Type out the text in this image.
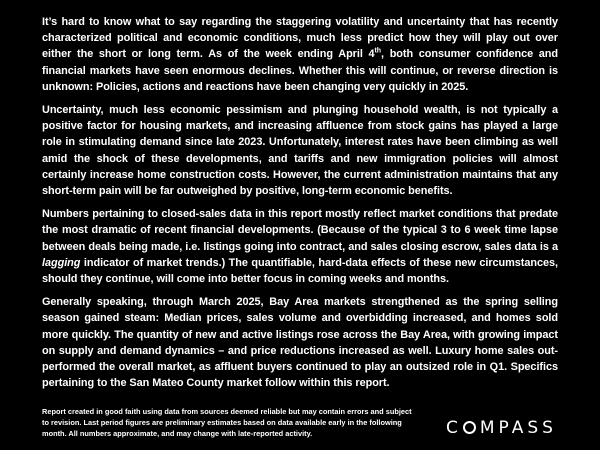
It’s hard to know what to say regarding the staggering volatility and uncertainty that has recently characterized political and economic conditions, much less predict how they will play out over either the short or long term. As of the week ending April 4th, both consumer confidence and financial markets have seen enormous declines. Whether this will continue, or reverse direction is unknown: Policies, actions and reactions have been changing very quickly in 2025.

Uncertainty, much less economic pessimism and plunging household wealth, is not typically a positive factor for housing markets, and increasing affluence from stock gains has played a large role in stimulating demand since late 2023. Unfortunately, interest rates have been climbing as well amid the shock of these developments, and tariffs and new immigration policies will almost certainly increase home construction costs. However, the current administration maintains that any short-term pain will be far outweighed by positive, long-term economic benefits.

Numbers pertaining to closed-sales data in this report mostly reflect market conditions that predate the most dramatic of recent financial developments. (Because of the typical 3 to 6 week time lapse between deals being made, i.e. listings going into contract, and sales closing escrow, sales data is a lagging indicator of market trends.) The quantifiable, hard-data effects of these new circumstances, should they continue, will come into better focus in coming weeks and months.

Generally speaking, through March 2025, Bay Area markets strengthened as the spring selling season gained steam: Median prices, sales volume and overbidding increased, and homes sold more quickly. The quantity of new and active listings rose across the Bay Area, with growing impact on supply and demand dynamics – and price reductions increased as well. Luxury home sales out-performed the overall market, as affluent buyers continued to play an outsized role in Q1. Specifics pertaining to the San Mateo County market follow within this report.

Report created in good faith using data from sources deemed reliable but may contain errors and subject to revision. Last period figures are preliminary estimates based on data available early in the following month. All numbers approximate, and may change with late-reported activity.	C MPASS
